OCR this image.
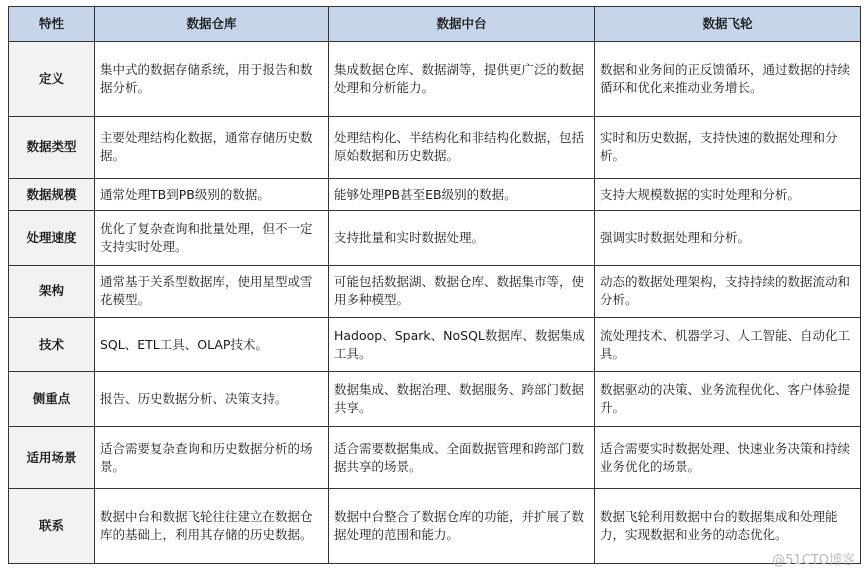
特性	数据仓库	数据中台	数据飞轮
定义	集中式的数据存储系统，用于报告和数据分析。	集成数据仓库、数据湖等，提供更广泛的数据处理和分析能力。	数据和业务间的正反馈循环，通过数据的持续循环和优化来推动业务增长。
数据类型	主要处理结构化数据，通常存储历史数据。	处理结构化、半结构化和非结构化数据，包括原始数据和历史数据。	实时和历史数据，支持快速的数据处理和分析。
数据规模	通常处理TB到PB级别的数据。	能够处理PB甚至EB级别的数据。	支持大规模数据的实时处理和分析。
处理速度	优化了复杂查询和批量处理，但不一定支持实时处理。	支持批量和实时数据处理。	强调实时数据处理和分析。
架构	通常基于关系型数据库，使用星型或雪花模型。	可能包括数据湖、数据仓库、数据集市等，使用多种模型。	动态的数据处理架构，支持持续的数据流动和分析。
技术	SQL、ETL工具、OLAP技术。	Hadoop、Spark、NoSQL数据库、数据集成工具。	流处理技术、机器学习、人工智能、自动化工具。
侧重点	报告、历史数据分析、决策支持。	数据集成、数据治理、数据服务、跨部门数据共享。	数据驱动的决策、业务流程优化、客户体验提升。
适用场景	适合需要复杂查询和历史数据分析的场景。	适合需要数据集成、全面数据管理和跨部门数据共享的场景。	适合需要实时数据处理、快速业务决策和持续业务优化的场景。
联系	数据中台和数据飞轮往往建立在数据仓库的基础上，利用其存储的历史数据。	数据中台整合了数据仓库的功能，并扩展了数据处理的范围和能力。	数据飞轮利用数据中台的数据集成和处理能力，实现数据和业务的动态优化。
@51CTO博客
